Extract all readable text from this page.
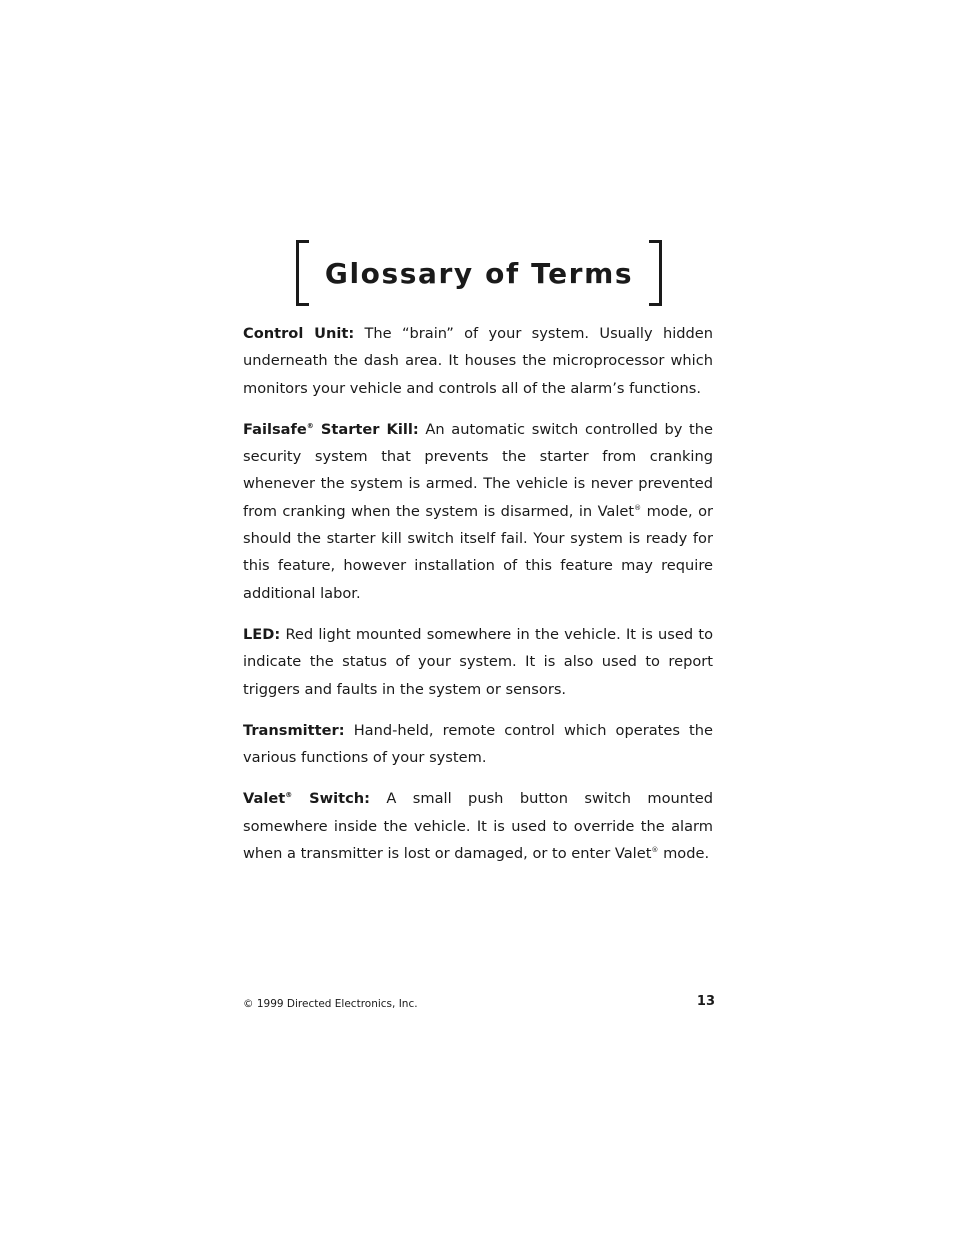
Glossary of Terms

Control Unit: The “brain” of your system. Usually hidden underneath the dash area. It houses the microprocessor which monitors your vehicle and controls all of the alarm’s functions.

Failsafe® Starter Kill: An automatic switch controlled by the security system that prevents the starter from cranking whenever the system is armed. The vehicle is never prevented from cranking when the system is disarmed, in Valet® mode, or should the starter kill switch itself fail. Your system is ready for this feature, however installation of this feature may require additional labor.

LED: Red light mounted somewhere in the vehicle. It is used to indicate the status of your system. It is also used to report triggers and faults in the system or sensors.

Transmitter: Hand-held, remote control which operates the various functions of your system.

Valet® Switch: A small push button switch mounted somewhere inside the vehicle. It is used to override the alarm when a transmitter is lost or damaged, or to enter Valet® mode.

© 1999 Directed Electronics, Inc.	13
